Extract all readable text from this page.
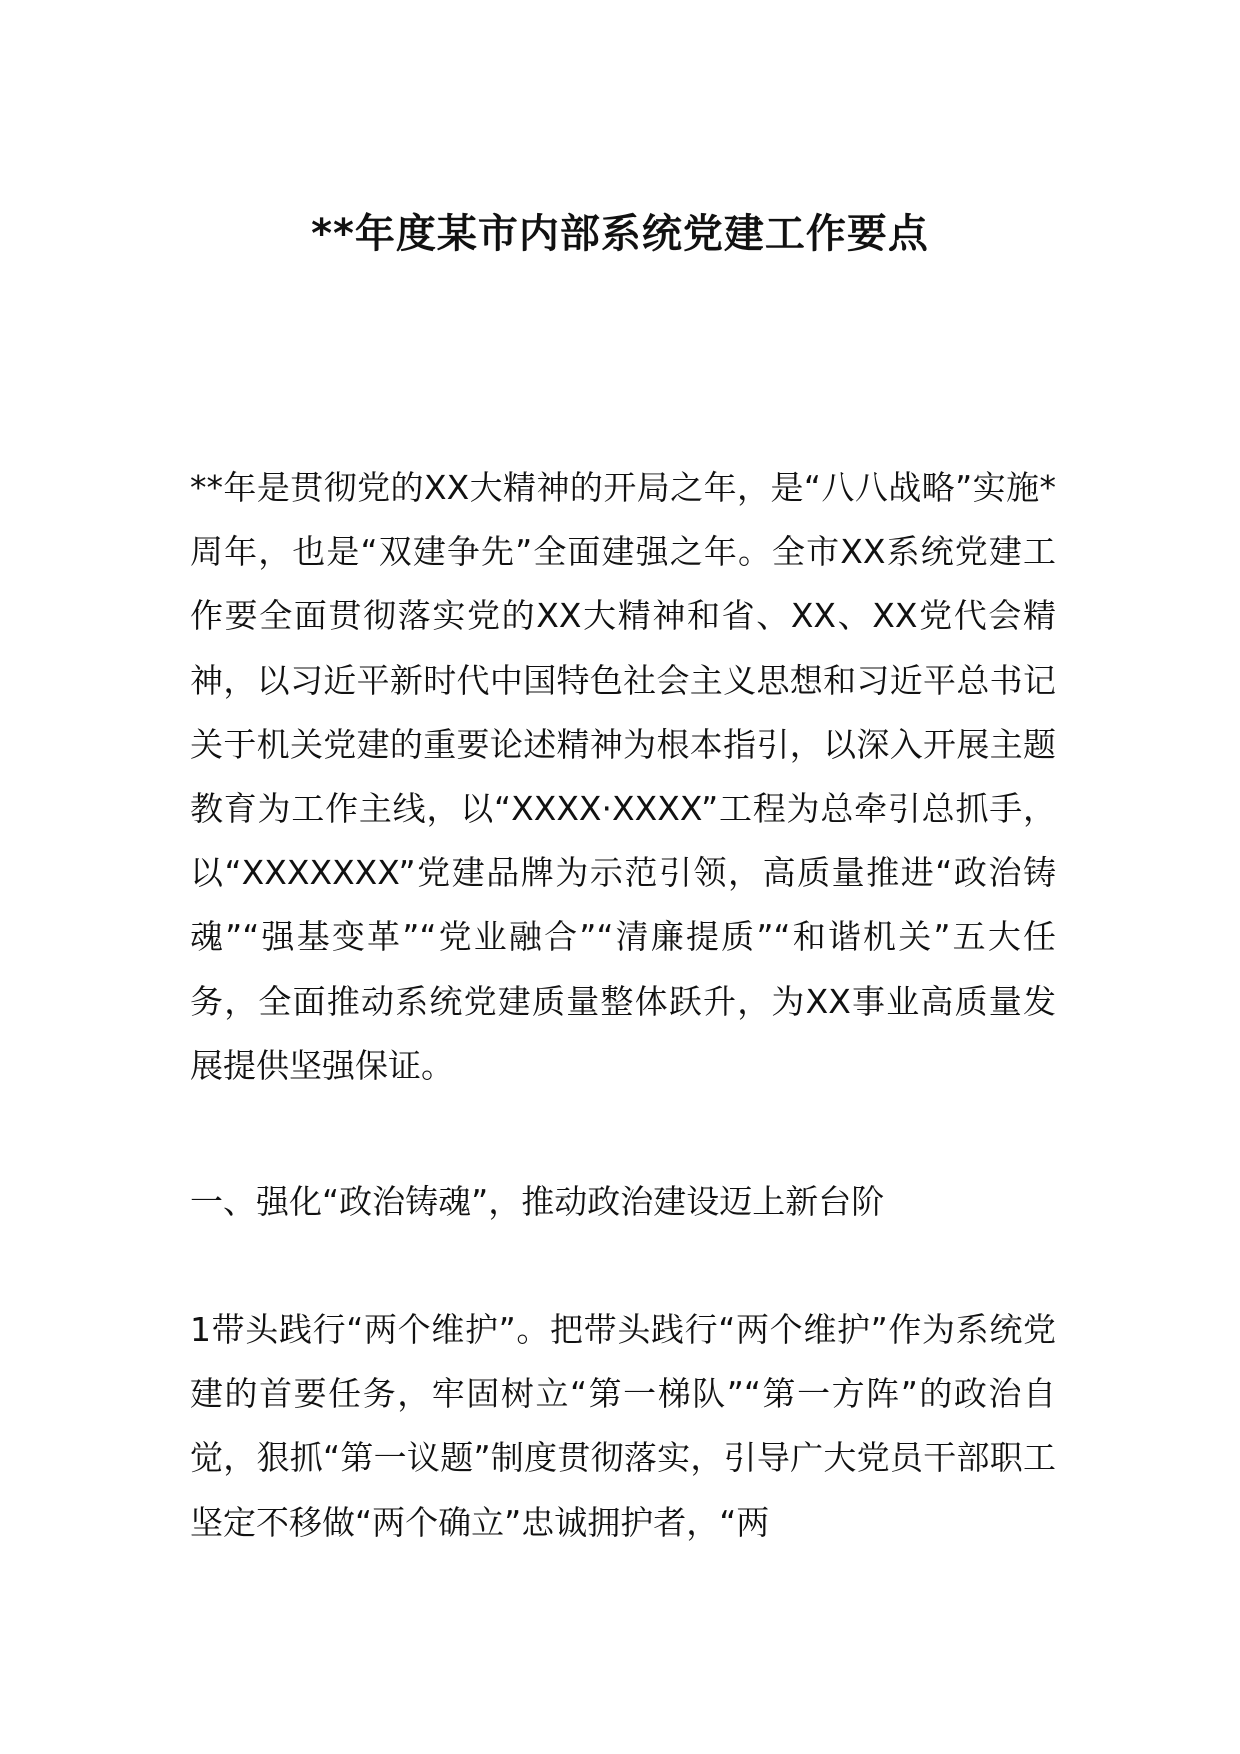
**年度某市内部系统党建工作要点

**年是贯彻党的XX大精神的开局之年，是“八八战略”实施*周年，也是“双建争先”全面建强之年。全市XX系统党建工作要全面贯彻落实党的XX大精神和省、XX、XX党代会精神，以习近平新时代中国特色社会主义思想和习近平总书记关于机关党建的重要论述精神为根本指引，以深入开展主题教育为工作主线，以“XXXX·XXXX”工程为总牵引总抓手，以“XXXXXXX”党建品牌为示范引领，高质量推进“政治铸魂”“强基变革”“党业融合”“清廉提质”“和谐机关”五大任务，全面推动系统党建质量整体跃升，为XX事业高质量发展提供坚强保证。

一、强化“政治铸魂”，推动政治建设迈上新台阶

1带头践行“两个维护”。把带头践行“两个维护”作为系统党建的首要任务，牢固树立“第一梯队”“第一方阵”的政治自觉，狠抓“第一议题”制度贯彻落实，引导广大党员干部职工坚定不移做“两个确立”忠诚拥护者，“两
